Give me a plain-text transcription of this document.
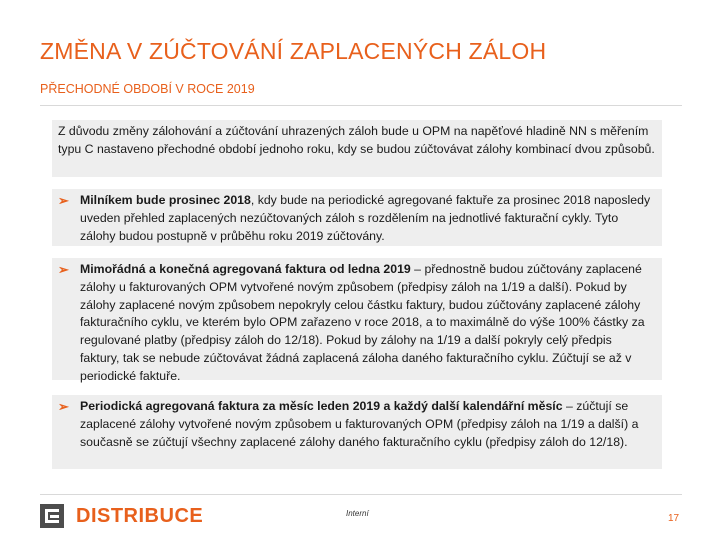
ZMĚNA V ZÚČTOVÁNÍ ZAPLACENÝCH ZÁLOH
PŘECHODNÉ OBDOBÍ V ROCE 2019
Z důvodu změny zálohování a zúčtování uhrazených záloh bude u OPM na napěťové hladině NN s měřením typu C nastaveno přechodné období jednoho roku, kdy se budou zúčtovávat zálohy kombinací dvou způsobů.
➢ Milníkem bude prosinec 2018, kdy bude na periodické agregované faktuře za prosinec 2018 naposledy uveden přehled zaplacených nezúčtovaných záloh s rozdělením na jednotlivé fakturační cykly. Tyto zálohy budou postupně v průběhu roku 2019 zúčtovány.
➢ Mimořádná a konečná agregovaná faktura od ledna 2019 – přednostně budou zúčtovány zaplacené zálohy u fakturovaných OPM vytvořené novým způsobem (předpisy záloh na 1/19 a další). Pokud by zálohy zaplacené novým způsobem nepokryly celou částku faktury, budou zúčtovány zaplacené zálohy fakturačního cyklu, ve kterém bylo OPM zařazeno v roce 2018, a to maximálně do výše 100% částky za regulované platby (předpisy záloh do 12/18). Pokud by zálohy na 1/19 a další pokryly celý předpis faktury, tak se nebude zúčtovávat žádná zaplacená záloha daného fakturačního cyklu. Zúčtují se až v periodické faktuře.
➢ Periodická agregovaná faktura za měsíc leden 2019 a každý další kalendářní měsíc – zúčtují se zaplacené zálohy vytvořené novým způsobem u fakturovaných OPM (předpisy záloh na 1/19 a další) a současně se zúčtují všechny zaplacené zálohy daného fakturačního cyklu (předpisy záloh do 12/18).
DISTRIBUCE	Interní	17
